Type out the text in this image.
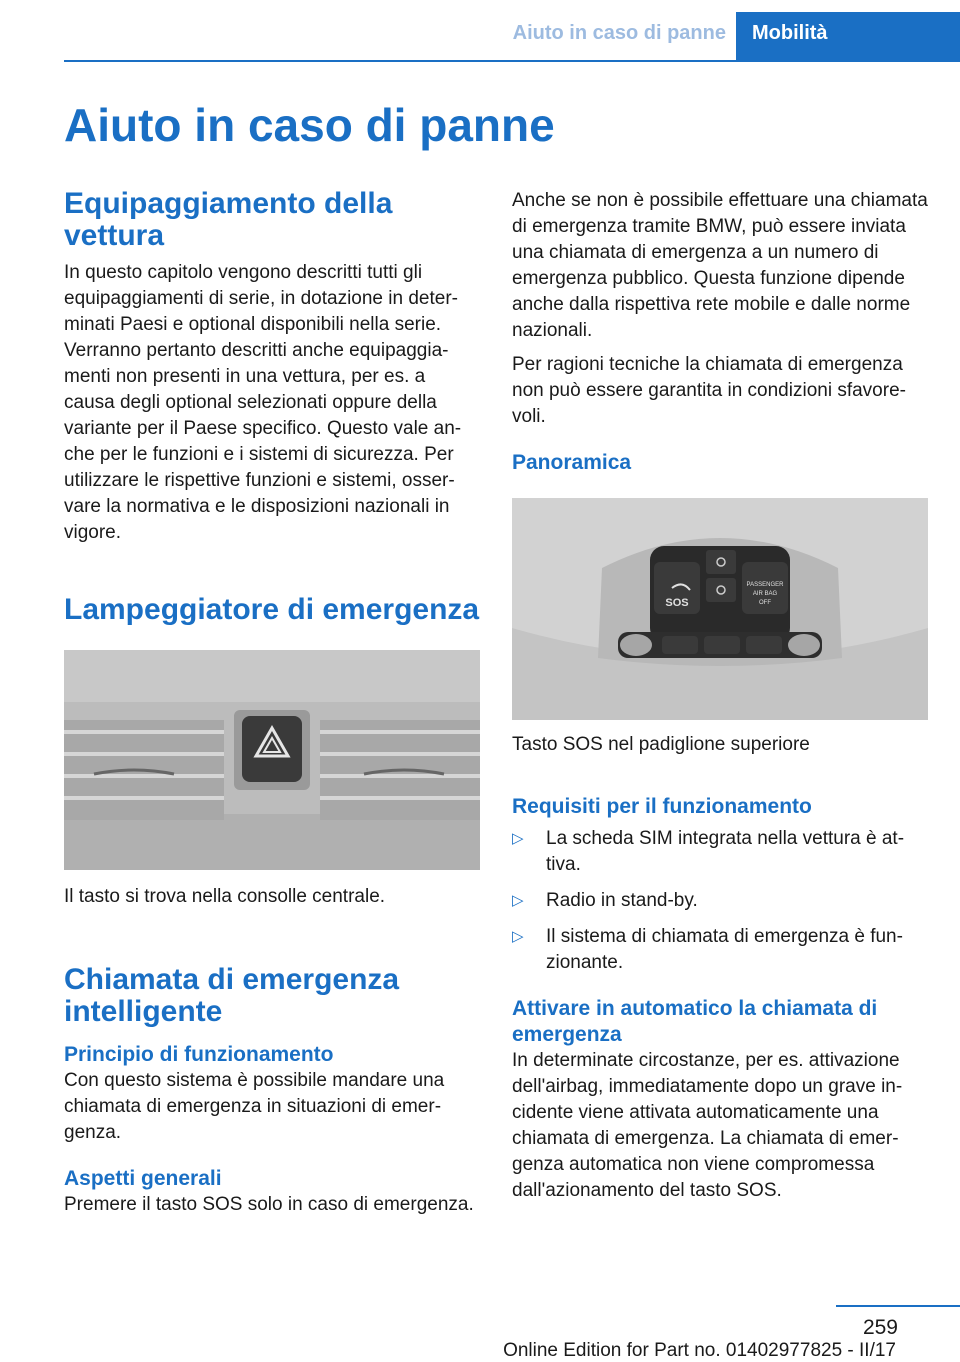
Aiuto in caso di panne	Mobilità
Aiuto in caso di panne
Equipaggiamento della vettura

In questo capitolo vengono descritti tutti gli equipaggiamenti di serie, in dotazione in determinati Paesi e optional disponibili nella serie. Verranno pertanto descritti anche equipaggiamenti non presenti in una vettura, per es. a causa degli optional selezionati oppure della variante per il Paese specifico. Questo vale anche per le funzioni e i sistemi di sicurezza. Per utilizzare le rispettive funzioni e sistemi, osservare la normativa e le disposizioni nazionali in vigore.

Lampeggiatore di emergenza

Il tasto si trova nella consolle centrale.

Chiamata di emergenza intelligente
Principio di funzionamento

Con questo sistema è possibile mandare una chiamata di emergenza in situazioni di emergenza.

Aspetti generali

Premere il tasto SOS solo in caso di emergenza.

Anche se non è possibile effettuare una chiamata di emergenza tramite BMW, può essere inviata una chiamata di emergenza a un numero di emergenza pubblico. Questa funzione dipende anche dalla rispettiva rete mobile e dalle norme nazionali.

Per ragioni tecniche la chiamata di emergenza non può essere garantita in condizioni sfavorevoli.

Panoramica
SOS
PASSENGER
AIR BAG
OFF

Tasto SOS nel padiglione superiore

Requisiti per il funzionamento
▷ La scheda SIM integrata nella vettura è attiva.
▷ Radio in stand-by.
▷ Il sistema di chiamata di emergenza è funzionante.
Attivare in automatico la chiamata di emergenza

In determinate circostanze, per es. attivazione dell'airbag, immediatamente dopo un grave incidente viene attivata automaticamente una chiamata di emergenza. La chiamata di emergenza automatica non viene compromessa dall'azionamento del tasto SOS.

259
Online Edition for Part no. 01402977825 - II/17
